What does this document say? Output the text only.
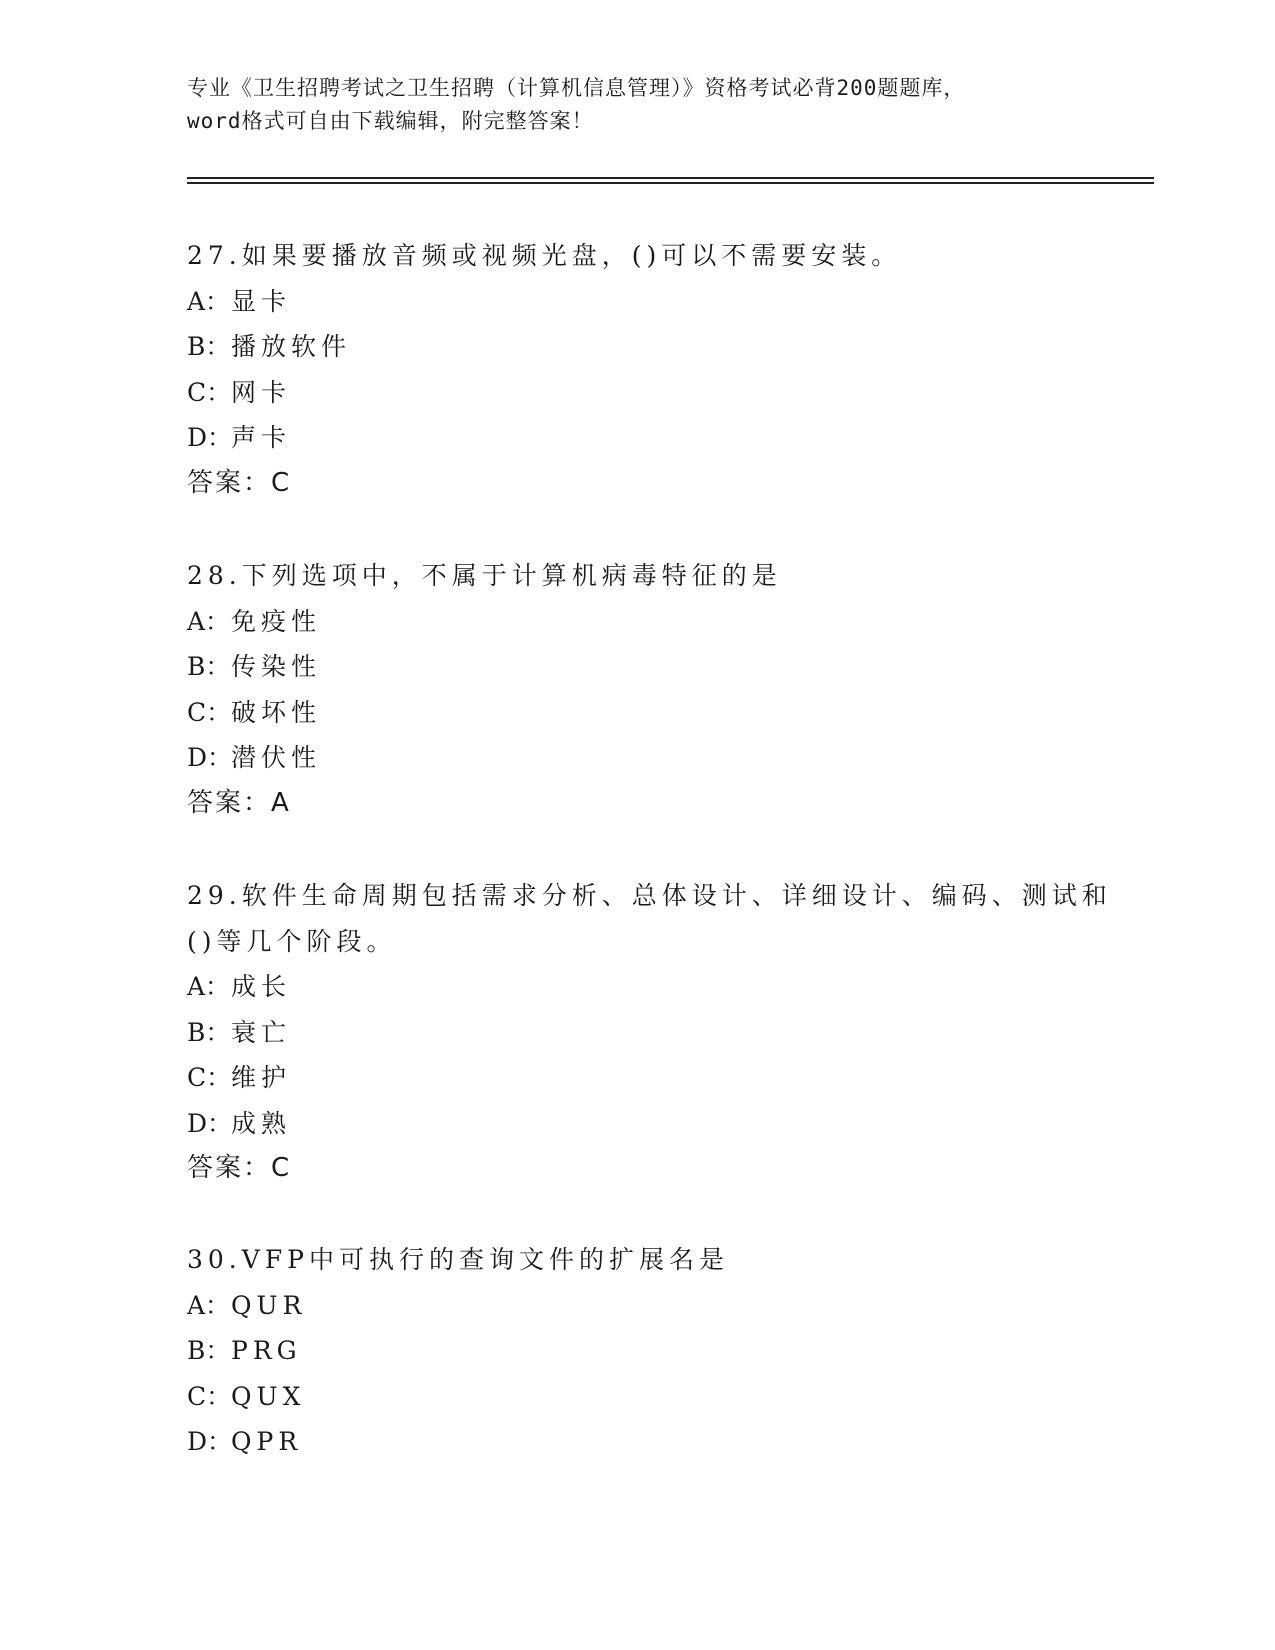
专业《卫生招聘考试之卫生招聘（计算机信息管理）》资格考试必背200题题库，
word格式可自由下载编辑，附完整答案！
27.如果要播放音频或视频光盘，()可以不需要安装。
A：显卡
B：播放软件
C：网卡
D：声卡
答案：C
28.下列选项中，不属于计算机病毒特征的是
A：免疫性
B：传染性
C：破坏性
D：潜伏性
答案：A
29.软件生命周期包括需求分析、总体设计、详细设计、编码、测试和
()等几个阶段。
A：成长
B：衰亡
C：维护
D：成熟
答案：C
30.VFP中可执行的查询文件的扩展名是
A：QUR
B：PRG
C：QUX
D：QPR
